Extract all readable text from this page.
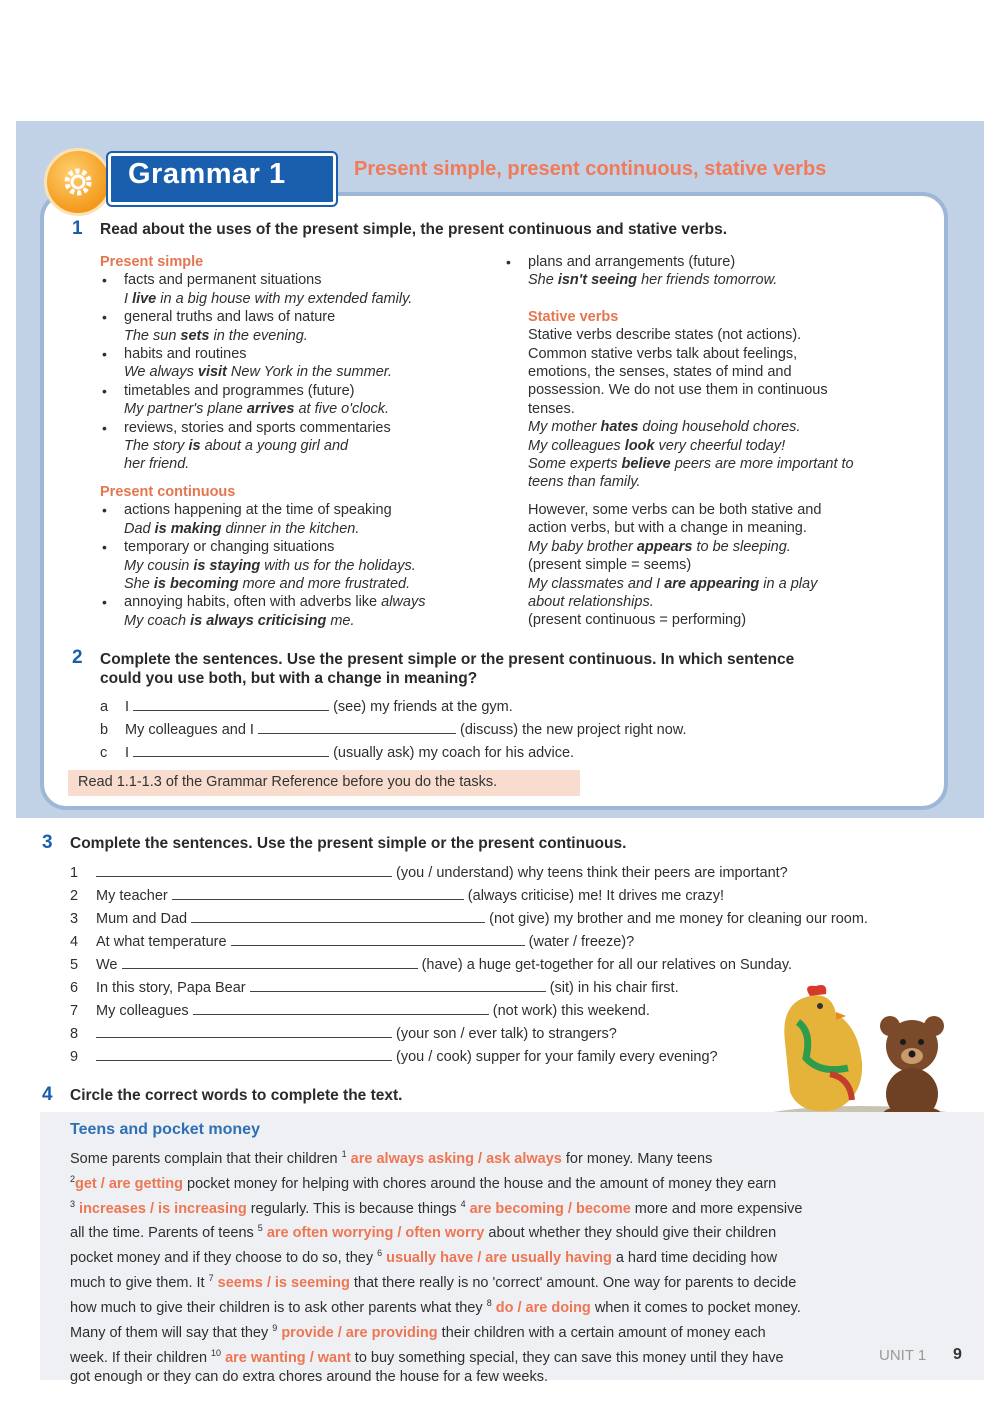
Grammar 1	Present simple, present continuous, stative verbs
1 Read about the uses of the present simple, the present continuous and stative verbs.
Present simple
• facts and permanent situations
I live in a big house with my extended family.
• general truths and laws of nature
The sun sets in the evening.
• habits and routines
We always visit New York in the summer.
• timetables and programmes (future)
My partner's plane arrives at five o'clock.
• reviews, stories and sports commentaries
The story is about a young girl and
her friend.
Present continuous
• actions happening at the time of speaking
Dad is making dinner in the kitchen.
• temporary or changing situations
My cousin is staying with us for the holidays.
She is becoming more and more frustrated.
• annoying habits, often with adverbs like always
My coach is always criticising me.
• plans and arrangements (future)
She isn't seeing her friends tomorrow.
Stative verbs
Stative verbs describe states (not actions).
Common stative verbs talk about feelings,
emotions, the senses, states of mind and
possession. We do not use them in continuous
tenses.
My mother hates doing household chores.
My colleagues look very cheerful today!
Some experts believe peers are more important to
teens than family.
However, some verbs can be both stative and
action verbs, but with a change in meaning.
My baby brother appears to be sleeping.
(present simple = seems)
My classmates and I are appearing in a play
about relationships.
(present continuous = performing)
2 Complete the sentences. Use the present simple or the present continuous. In which sentence
could you use both, but with a change in meaning?
a I	(see) my friends at the gym.
b My colleagues and I	(discuss) the new project right now.
c I	(usually ask) my coach for his advice.
Read 1.1-1.3 of the Grammar Reference before you do the tasks.
3 Complete the sentences. Use the present simple or the present continuous.
1	(you / understand) why teens think their peers are important?
2 My teacher	(always criticise) me! It drives me crazy!
3 Mum and Dad	(not give) my brother and me money for cleaning our room.
4 At what temperature	(water / freeze)?
5 We	(have) a huge get-together for all our relatives on Sunday.
6 In this story, Papa Bear	(sit) in his chair first.
7 My colleagues	(not work) this weekend.
8	(your son / ever talk) to strangers?
9	(you / cook) supper for your family every evening?
4 Circle the correct words to complete the text.
Teens and pocket money
Some parents complain that their children $^1$ are always asking / ask always for money. Many teens
$^2$get / are getting pocket money for helping with chores around the house and the amount of money they earn
$^3$ increases / is increasing regularly. This is because things $^4$ are becoming / become more and more expensive
all the time. Parents of teens $^5$ are often worrying / often worry about whether they should give their children
pocket money and if they choose to do so, they $^6$ usually have / are usually having a hard time deciding how
much to give them. It $^7$ seems / is seeming that there really is no 'correct' amount. One way for parents to decide
how much to give their children is to ask other parents what they $^8$ do / are doing when it comes to pocket money.
Many of them will say that they $^9$ provide / are providing their children with a certain amount of money each
week. If their children $^{10}$ are wanting / want to buy something special, they can save this money until they have
got enough or they can do extra chores around the house for a few weeks.
UNIT 1 9
